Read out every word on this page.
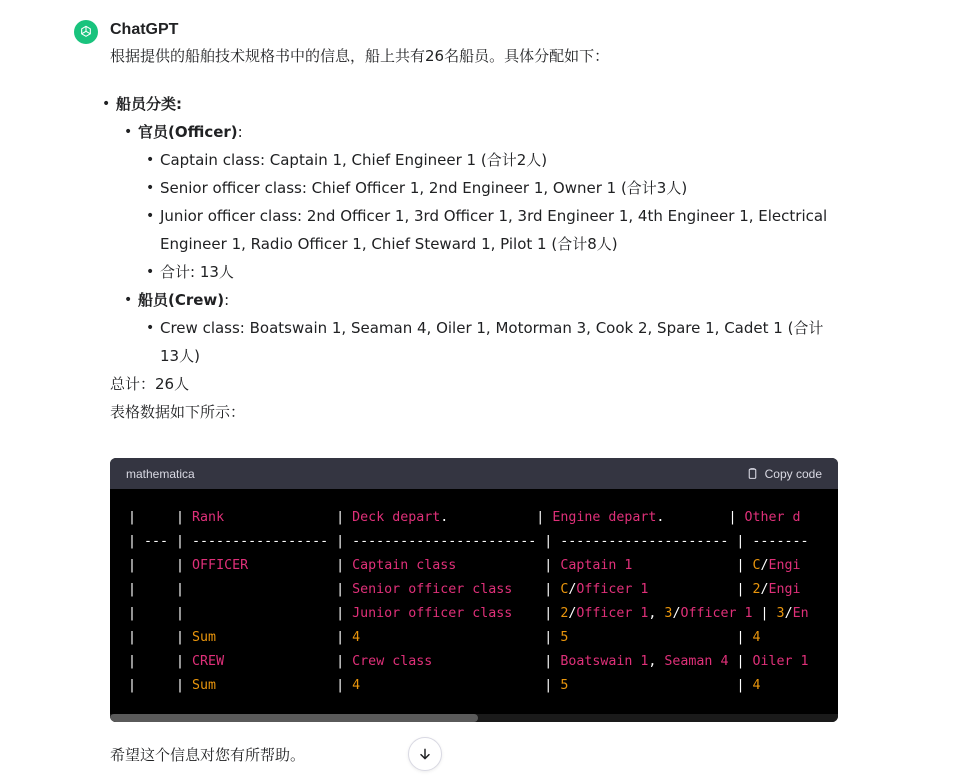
ChatGPT

根据提供的船舶技术规格书中的信息，船上共有26名船员。具体分配如下：

• 船员分类:
• 官员(Officer):
• Captain class: Captain 1, Chief Engineer 1 (合计2人)
• Senior officer class: Chief Officer 1, 2nd Engineer 1, Owner 1 (合计3人)
• Junior officer class: 2nd Officer 1, 3rd Officer 1, 3rd Engineer 1, 4th Engineer 1, Electrical Engineer 1, Radio Officer 1, Chief Steward 1, Pilot 1 (合计8人)
• 合计: 13人
• 船员(Crew):
• Crew class: Boatswain 1, Seaman 4, Oiler 1, Motorman 3, Cook 2, Spare 1, Cadet 1 (合计13人)

总计：26人

表格数据如下所示：

mathematica	Copy code
|     | Rank              | Deck depart.           | Engine depart.        | Other d
| --- | ----------------- | ----------------------- | --------------------- | -------
|     | OFFICER           | Captain class           | Captain 1             | C/Engi
|     |                   | Senior officer class    | C/Officer 1           | 2/Engi
|     |                   | Junior officer class    | 2/Officer 1, 3/Officer 1 | 3/En
|     | Sum               | 4                       | 5                     | 4
|     | CREW              | Crew class              | Boatswain 1, Seaman 4 | Oiler 1
|     | Sum               | 4                       | 5                     | 4
希望这个信息对您有所帮助。
